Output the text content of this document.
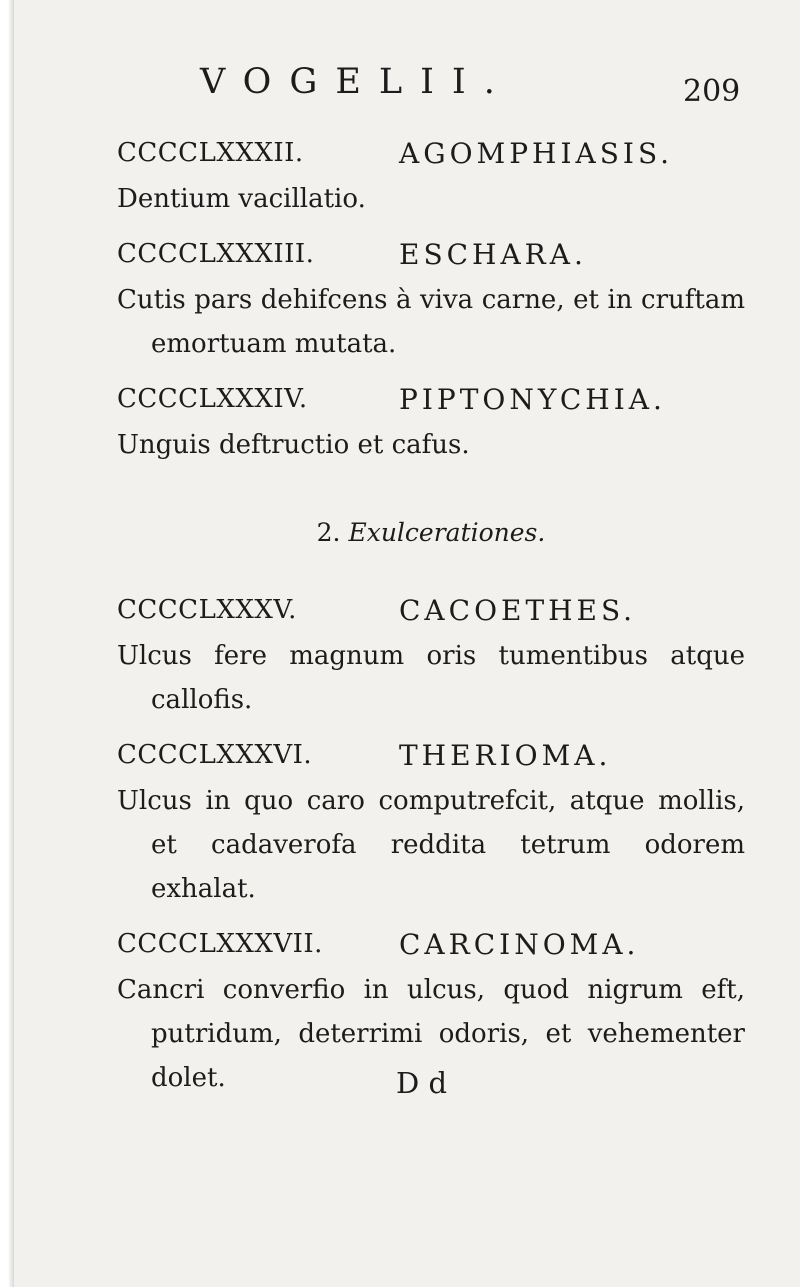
VOGELII.	209
CCCCLXXXII.	AGOMPHIASIS.

Dentium vacillatio.

CCCCLXXXIII.	ESCHARA.

Cutis pars dehifcens à viva carne, et in cruftam emortuam mutata.

CCCCLXXXIV.	PIPTONYCHIA.

Unguis deftructio et cafus.

2. Exulcerationes.
CCCCLXXXV.	CACOETHES.

Ulcus fere magnum oris tumentibus atque callofis.

CCCCLXXXVI.	THERIOMA.

Ulcus in quo caro computrefcit, atque mollis, et cadaverofa reddita tetrum odorem exhalat.

CCCCLXXXVII.	CARCINOMA.

Cancri converfio in ulcus, quod nigrum eft, putridum, deterrimi odoris, et vehementer dolet.	D d
